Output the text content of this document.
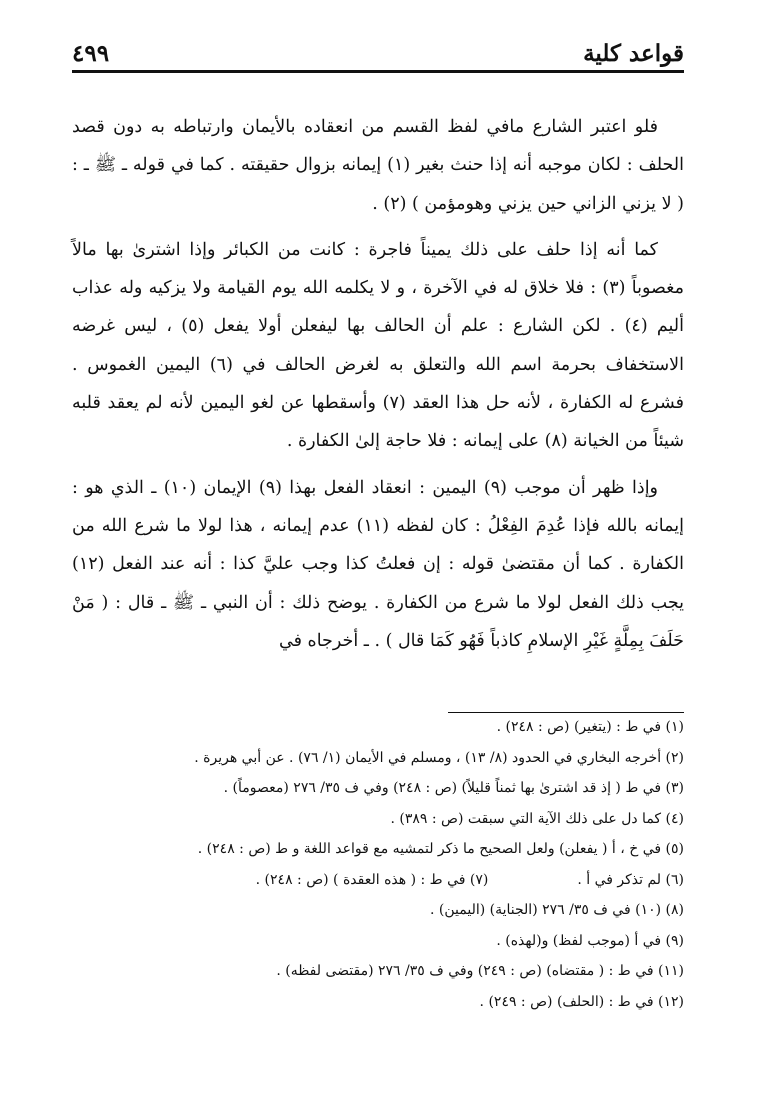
قواعد كلية
٤٩٩

فلو اعتبر الشارع مافي لفظ القسم من انعقاده بالأيمان وارتباطه به دون قصد الحلف : لكان موجبه أنه إذا حنث بغير (١) إيمانه بزوال حقيقته . كما في قوله ـ ﷺ ـ : ( لا يزني الزاني حين يزني وهومؤمن ) (٢) .

كما أنه إذا حلف على ذلك يميناً فاجرة : كانت من الكبائر وإذا اشترىٰ بها مالاً مغصوباً (٣) : فلا خلاق له في الآخرة ، و لا يكلمه الله يوم القيامة ولا يزكيه وله عذاب أليم (٤) . لكن الشارع : علم أن الحالف بها ليفعلن أولا يفعل (٥) ، ليس غرضه الاستخفاف بحرمة اسم الله والتعلق به لغرض الحالف في (٦) اليمين الغموس . فشرع له الكفارة ، لأنه حل هذا العقد (٧) وأسقطها عن لغو اليمين لأنه لم يعقد قلبه شيئاً من الخيانة (٨) على إيمانه : فلا حاجة إلىٰ الكفارة .

وإذا ظهر أن موجب (٩) اليمين : انعقاد الفعل بهذا (٩) الإيمان (١٠) ـ الذي هو : إيمانه بالله فإذا عُدِمَ الفِعْلُ : كان لفظه (١١) عدم إيمانه ، هذا لولا ما شرع الله من الكفارة . كما أن مقتضىٰ قوله : إن فعلتُ كذا وجب عليَّ كذا : أنه عند الفعل (١٢) يجب ذلك الفعل لولا ما شرع من الكفارة . يوضح ذلك : أن النبي ـ ﷺ ـ قال : ( مَنْ حَلَفَ بِمِلَّةٍ غَيْرِ الإسلامِ كاذباً فَهُو كَمَا قال ) . ـ أخرجاه في

(١) في ط : (يتغير) (ص : ٢٤٨) .
(٢) أخرجه البخاري في الحدود (٨/ ١٣) ، ومسلم في الأيمان (١/ ٧٦) . عن أبي هريرة .
(٣) في ط ( إذ قد اشترىٰ بها ثمناً قليلاً) (ص : ٢٤٨) وفي ف ٣٥/ ٢٧٦ (معصوماً) .
(٤) كما دل على ذلك الآية التي سبقت (ص : ٣٨٩) .
(٥) في خ ، أ ( يفعلن) ولعل الصحيح ما ذكر لتمشيه مع قواعد اللغة و ط (ص : ٢٤٨) .
(٦) لم تذكر في أ .                    (٧) في ط : ( هذه العقدة ) (ص : ٢٤٨) .
(٨) (١٠) في ف ٣٥/ ٢٧٦ (الجناية) (اليمين) .
(٩) في أ (موجب لفظ) و(لهذه) .
(١١) في ط : ( مقتضاه) (ص : ٢٤٩) وفي ف ٣٥/ ٢٧٦ (مقتضى لفظه) .
(١٢) في ط : (الحلف) (ص : ٢٤٩) .
